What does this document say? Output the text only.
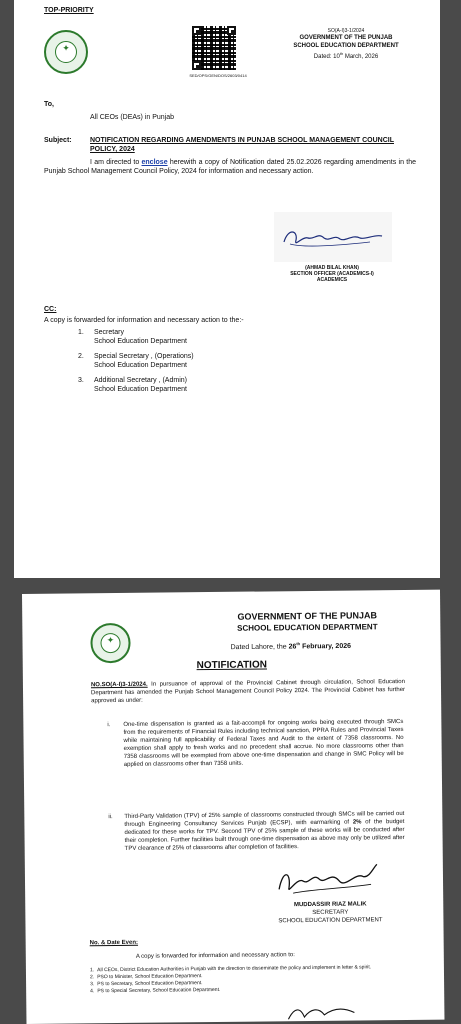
TOP-PRIORITY
✦
SED/OPS/GEN/DOS/2603/0414
SO(A-I)3-1/2024
GOVERNMENT OF THE PUNJAB
SCHOOL EDUCATION DEPARTMENT
Dated: 10th March, 2026
To,
All CEOs (DEAs) in Punjab
Subject:	NOTIFICATION REGARDING AMENDMENTS IN PUNJAB SCHOOL MANAGEMENT COUNCIL POLICY, 2024
I am directed to enclose herewith a copy of Notification dated 25.02.2026 regarding amendments in the Punjab School Management Council Policy, 2024 for information and necessary action.
(AHMAD BILAL KHAN)
SECTION OFFICER (ACADEMICS-I)
ACADEMICS
CC:
A copy is forwarded for information and necessary action to the:-
1. Secretary
School Education Department
2. Special Secretary , (Operations)
School Education Department
3. Additional Secretary , (Admin)
School Education Department
✦
GOVERNMENT OF THE PUNJAB
SCHOOL EDUCATION DEPARTMENT
Dated Lahore, the 26th February, 2026
NOTIFICATION
NO.SO(A-I)3-1/2024. In pursuance of approval of the Provincial Cabinet through circulation, School Education Department has amended the Punjab School Management Council Policy 2024. The Provincial Cabinet has further approved as under:
i. One-time dispensation is granted as a fait-accompli for ongoing works being executed through SMCs from the requirements of Financial Rules including technical sanction, PPRA Rules and Provincial Taxes while maintaining full applicability of Federal Taxes and Audit to the extent of 7358 classrooms. No exemption shall apply to fresh works and no precedent shall accrue. No more classrooms other than 7358 classrooms will be exempted from above one-time dispensation and change in SMC Policy will be applied on classrooms other than 7358 units.
ii. Third-Party Validation (TPV) of 25% sample of classrooms constructed through SMCs will be carried out through Engineering Consultancy Services Punjab (ECSP), with earmarking of 2% of the budget dedicated for these works for TPV. Second TPV of 25% sample of these works will be conducted after their completion. Further facilities built through one-time dispensation as above may only be utilized after TPV clearance of 25% of classrooms after completion of facilities.
MUDDASSIR RIAZ MALIK
SECRETARY
SCHOOL EDUCATION DEPARTMENT
No. & Date Even:
A copy is forwarded for information and necessary action to:
1. All CEOs, District Education Authorities in Punjab with the direction to disseminate the policy and implement in letter & spirit.
2. PSO to Minister, School Education Department.
3. PS to Secretary, School Education Department.
4. PS to Special Secretary, School Education Department.
